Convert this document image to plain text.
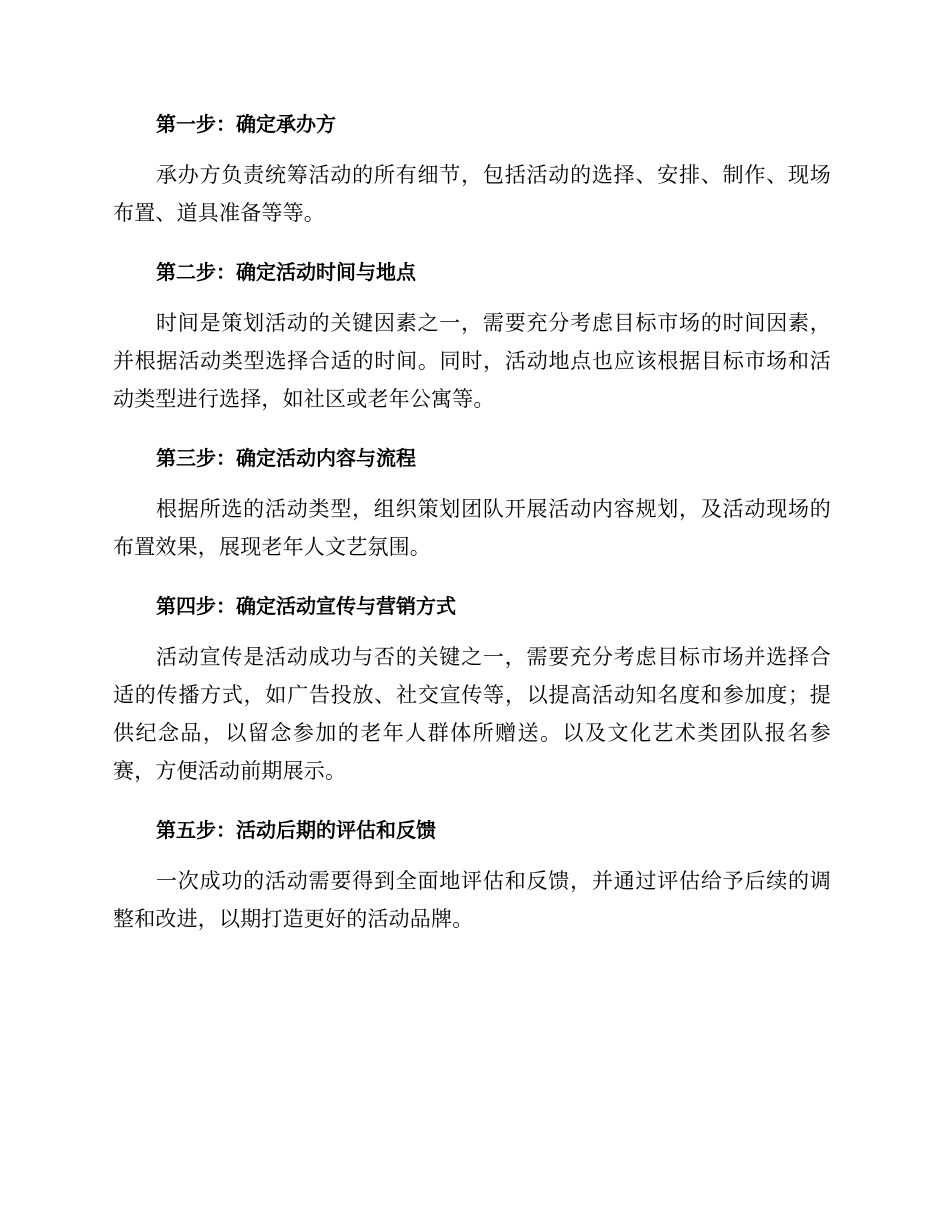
第一步：确定承办方

承办方负责统筹活动的所有细节，包括活动的选择、安排、制作、现场布置、道具准备等等。

第二步：确定活动时间与地点

时间是策划活动的关键因素之一，需要充分考虑目标市场的时间因素，并根据活动类型选择合适的时间。同时，活动地点也应该根据目标市场和活动类型进行选择，如社区或老年公寓等。

第三步：确定活动内容与流程

根据所选的活动类型，组织策划团队开展活动内容规划，及活动现场的布置效果，展现老年人文艺氛围。

第四步：确定活动宣传与营销方式

活动宣传是活动成功与否的关键之一，需要充分考虑目标市场并选择合适的传播方式，如广告投放、社交宣传等，以提高活动知名度和参加度；提供纪念品，以留念参加的老年人群体所赠送。以及文化艺术类团队报名参赛，方便活动前期展示。

第五步：活动后期的评估和反馈

一次成功的活动需要得到全面地评估和反馈，并通过评估给予后续的调整和改进，以期打造更好的活动品牌。
